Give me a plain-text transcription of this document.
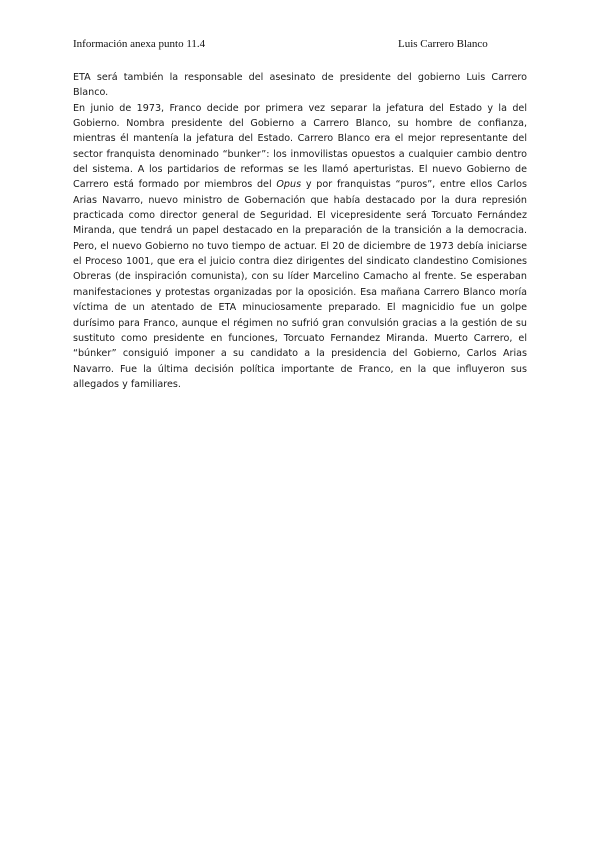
Información anexa punto 11.4	Luis Carrero Blanco

ETA será también la responsable del asesinato de presidente del gobierno Luis Carrero Blanco.

En junio de 1973, Franco decide por primera vez separar la jefatura del Estado y la del Gobierno. Nombra presidente del Gobierno a Carrero Blanco, su hombre de confianza, mientras él mantenía la jefatura del Estado. Carrero Blanco era el mejor representante del sector franquista denominado “bunker”: los inmovilistas opuestos a cualquier cambio dentro del sistema. A los partidarios de reformas se les llamó aperturistas. El nuevo Gobierno de Carrero está formado por miembros del Opus y por franquistas “puros”, entre ellos Carlos Arias Navarro, nuevo ministro de Gobernación que había destacado por la dura represión practicada como director general de Seguridad. El vicepresidente será Torcuato Fernández Miranda, que tendrá un papel destacado en la preparación de la transición a la democracia. Pero, el nuevo Gobierno no tuvo tiempo de actuar. El 20 de diciembre de 1973 debía iniciarse el Proceso 1001, que era el juicio contra diez dirigentes del sindicato clandestino Comisiones Obreras (de inspiración comunista), con su líder Marcelino Camacho al frente. Se esperaban manifestaciones y protestas organizadas por la oposición. Esa mañana Carrero Blanco moría víctima de un atentado de ETA minuciosamente preparado. El magnicidio fue un golpe durísimo para Franco, aunque el régimen no sufrió gran convulsión gracias a la gestión de su sustituto como presidente en funciones, Torcuato Fernandez Miranda. Muerto Carrero, el “búnker” consiguió imponer a su candidato a la presidencia del Gobierno, Carlos Arias Navarro. Fue la última decisión política importante de Franco, en la que influyeron sus allegados y familiares.
